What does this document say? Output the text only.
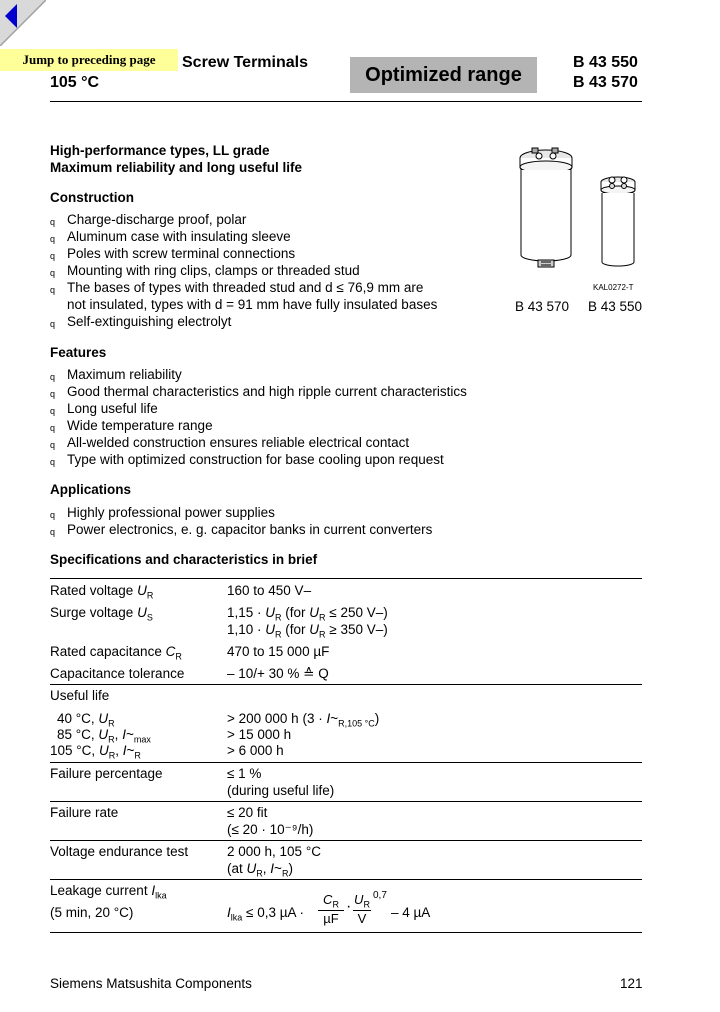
Jump to preceding page	Screw Terminals
105 °C	Optimized range
B 43 550
B 43 570
High-performance types, LL grade
Maximum reliability and long useful life
Construction
q Charge-discharge proof, polar
q Aluminum case with insulating sleeve
q Poles with screw terminal connections
q Mounting with ring clips, clamps or threaded stud
q The bases of types with threaded stud and d ≤ 76,9 mm are
not insulated, types with d = 91 mm have fully insulated bases
q Self-extinguishing electrolyt
KAL0272-T
B 43 570 B 43 550
Features
q Maximum reliability
q Good thermal characteristics and high ripple current characteristics
q Long useful life
q Wide temperature range
q All-welded construction ensures reliable electrical contact
q Type with optimized construction for base cooling upon request
Applications
q Highly professional power supplies
q Power electronics, e. g. capacitor banks in current converters
Specifications and characteristics in brief
Rated voltage $U_R$	160 to 450 V–
Surge voltage $U_S$	$1,15 \cdot U_R$ (for $U_R \le 250$ V–)
$1,10 \cdot U_R$ (for $U_R \ge 350$ V–)
Rated capacitance $C_R$	470 to 15 000 µF
Capacitance tolerance	– 10/+ 30 % ≙ Q
Useful life
40 °C, $U_R$	> 200 000 h $(3 \cdot I\sim_{R,105 ^\circ C})$
85 °C, $U_R$, $I\sim_{max}$	> 15 000 h
105 °C, $U_R$, $I\sim_R$	> 6 000 h
Failure percentage	≤ 1 %
(during useful life)
Failure rate	≤ 20 fit
(≤ 20 · 10⁻⁹/h)
Voltage endurance test	2 000 h, 105 °C
(at $U_R$, $I\sim_R$)
Leakage current $I_{lka}$
(5 min, 20 °C)	$I_{lka} \le 0,3$ µA ·
$C_R$
µF
· $U_R$
V
0,7
– 4 µA
Siemens Matsushita Components	121
